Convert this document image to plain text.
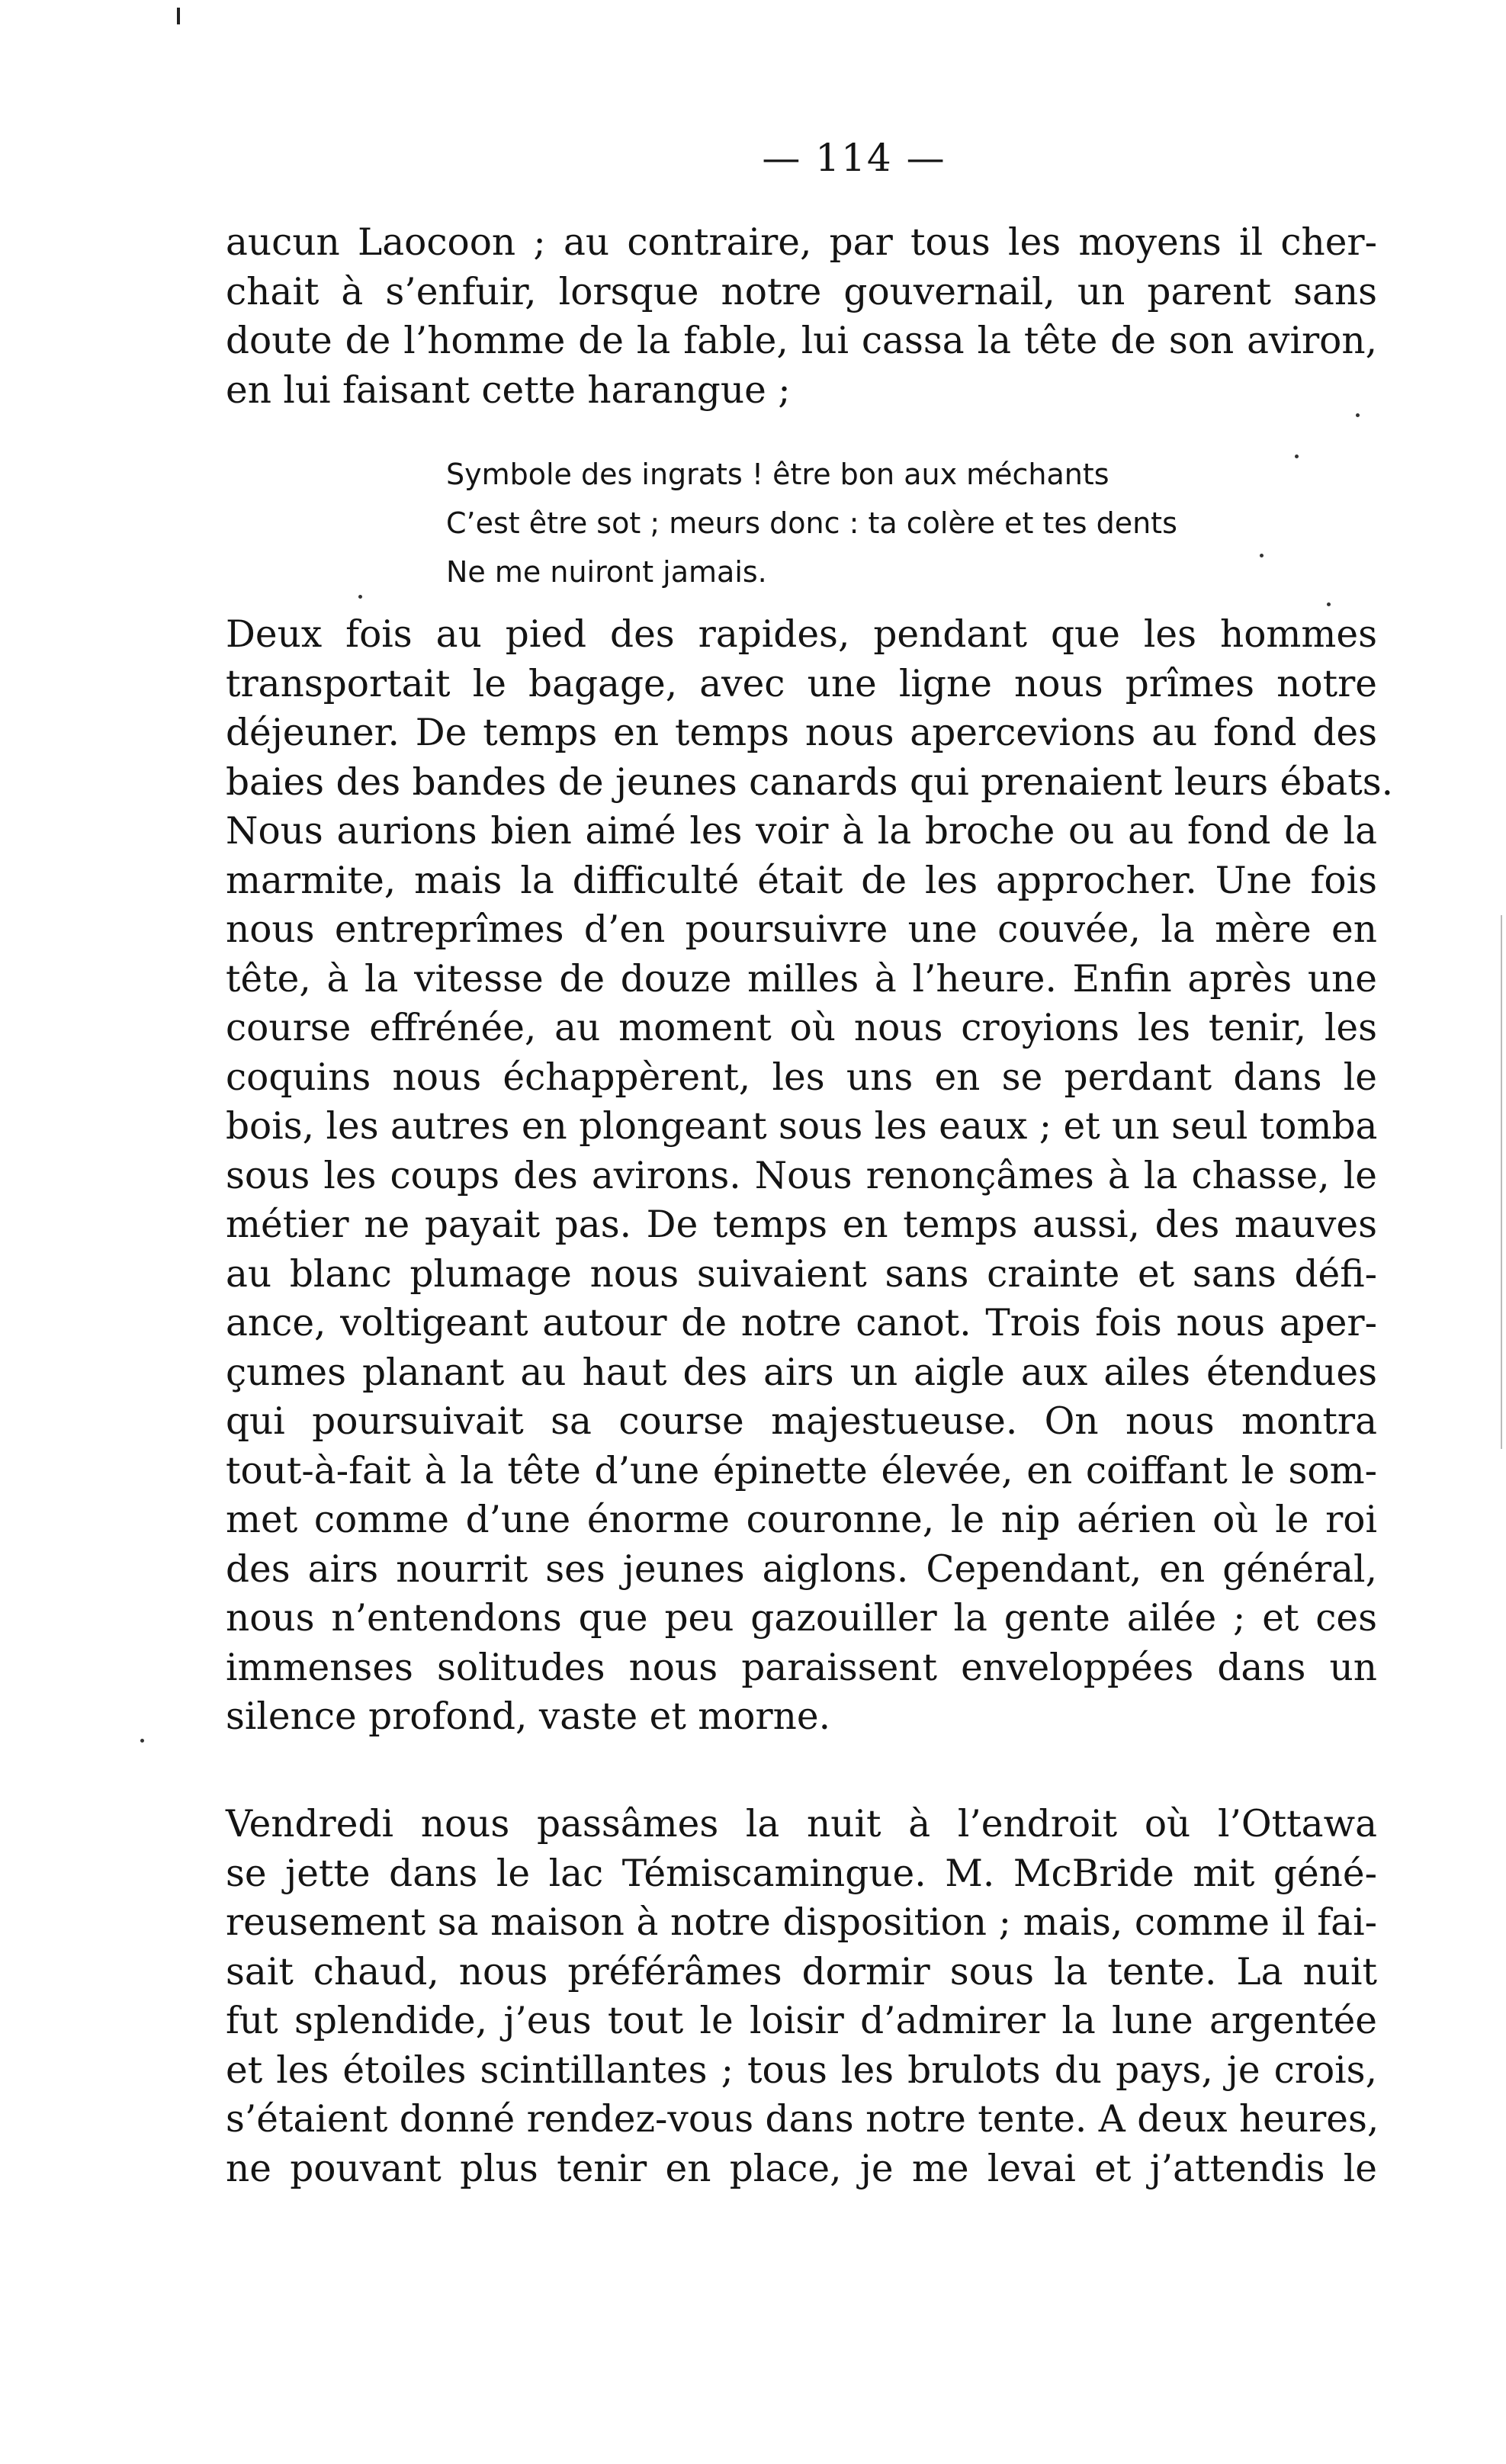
— 114 —
aucun Laocoon ; au contraire, par tous les moyens il cher-
chait à s’enfuir, lorsque notre gouvernail, un parent sans
doute de l’homme de la fable, lui cassa la tête de son aviron,
en lui faisant cette harangue ;
Symbole des ingrats ! être bon aux méchants
C’est être sot ; meurs donc : ta colère et tes dents
Ne me nuiront jamais.
Deux fois au pied des rapides, pendant que les hommes
transportait le bagage, avec une ligne nous prîmes notre
déjeuner. De temps en temps nous apercevions au fond des
baies des bandes de jeunes canards qui prenaient leurs ébats.
Nous aurions bien aimé les voir à la broche ou au fond de la
marmite, mais la difficulté était de les approcher. Une fois
nous entreprîmes d’en poursuivre une couvée, la mère en
tête, à la vitesse de douze milles à l’heure. Enfin après une
course effrénée, au moment où nous croyions les tenir, les
coquins nous échappèrent, les uns en se perdant dans le
bois, les autres en plongeant sous les eaux ; et un seul tomba
sous les coups des avirons. Nous renonçâmes à la chasse, le
métier ne payait pas. De temps en temps aussi, des mauves
au blanc plumage nous suivaient sans crainte et sans défi-
ance, voltigeant autour de notre canot. Trois fois nous aper-
çumes planant au haut des airs un aigle aux ailes étendues
qui poursuivait sa course majestueuse. On nous montra
tout-à-fait à la tête d’une épinette élevée, en coiffant le som-
met comme d’une énorme couronne, le nip aérien où le roi
des airs nourrit ses jeunes aiglons. Cependant, en général,
nous n’entendons que peu gazouiller la gente ailée ; et ces
immenses solitudes nous paraissent enveloppées dans un
silence profond, vaste et morne.
Vendredi nous passâmes la nuit à l’endroit où l’Ottawa
se jette dans le lac Témiscamingue. M. McBride mit géné-
reusement sa maison à notre disposition ; mais, comme il fai-
sait chaud, nous préférâmes dormir sous la tente. La nuit
fut splendide, j’eus tout le loisir d’admirer la lune argentée
et les étoiles scintillantes ; tous les brulots du pays, je crois,
s’étaient donné rendez-vous dans notre tente. A deux heures,
ne pouvant plus tenir en place, je me levai et j’attendis le
